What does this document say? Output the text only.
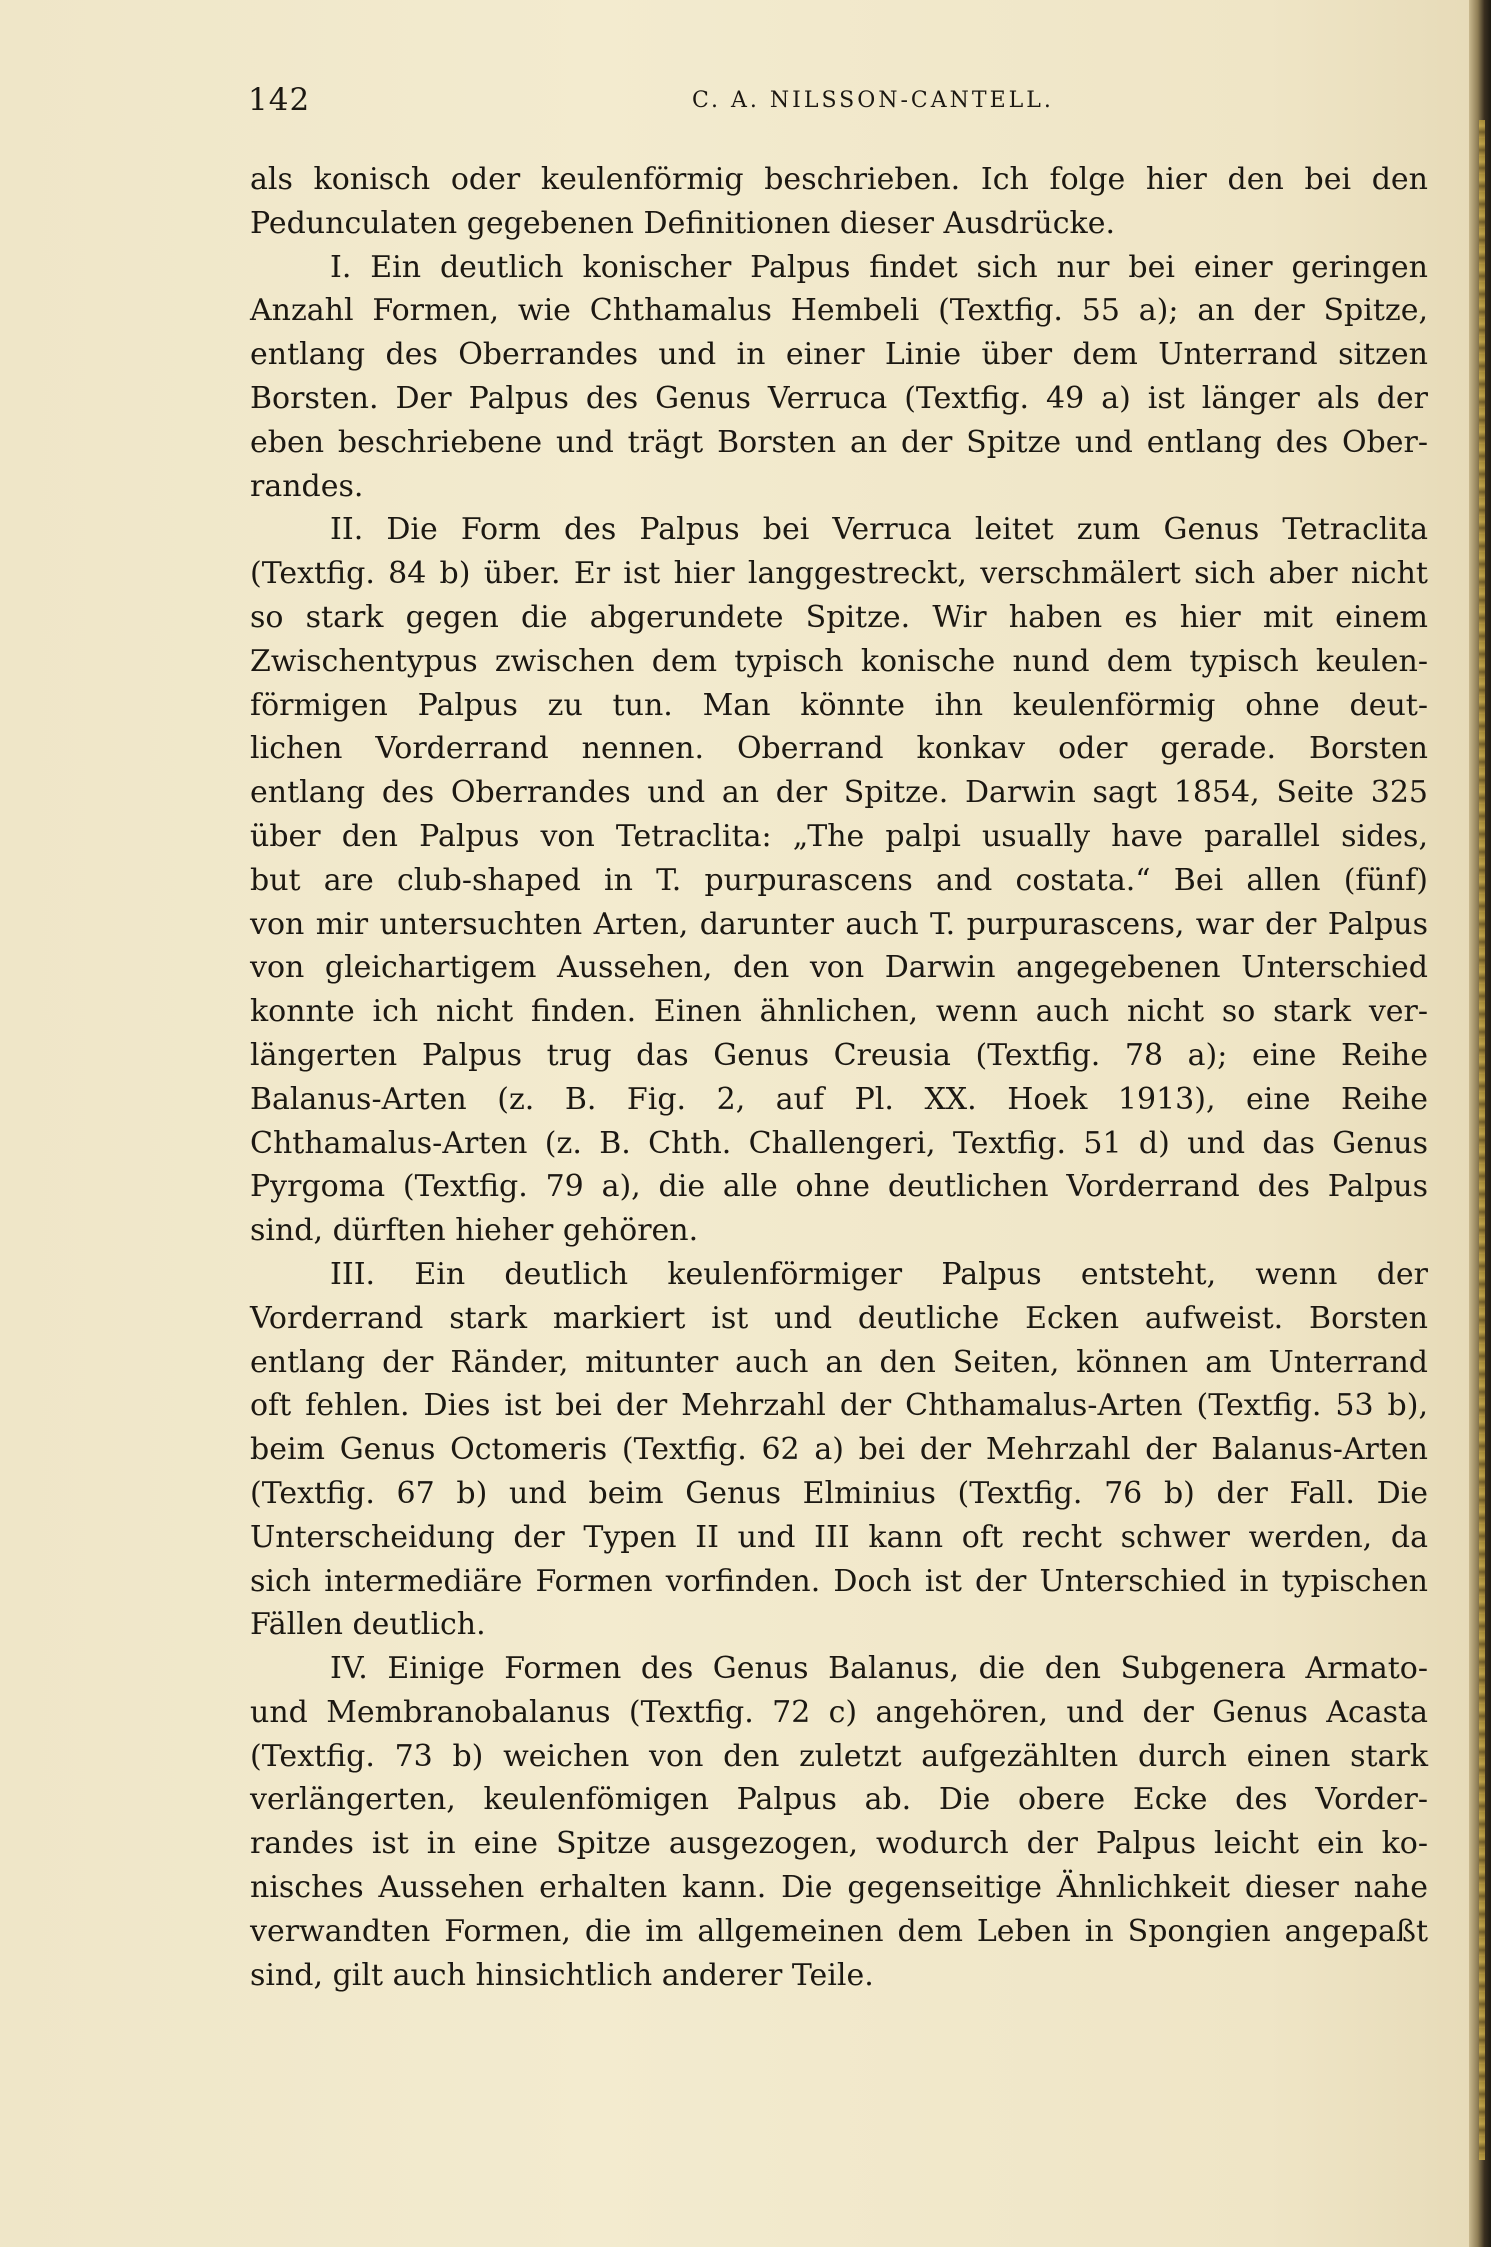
142	C. A. NILSSON-CANTELL.
als konisch oder keulenförmig beschrieben. Ich folge hier den bei den
Pedunculaten gegebenen Definitionen dieser Ausdrücke.
I. Ein deutlich konischer Palpus findet sich nur bei einer geringen
Anzahl Formen, wie Chthamalus Hembeli (Textfig. 55 a); an der Spitze,
entlang des Oberrandes und in einer Linie über dem Unterrand sitzen
Borsten. Der Palpus des Genus Verruca (Textfig. 49 a) ist länger als der
eben beschriebene und trägt Borsten an der Spitze und entlang des Ober-
randes.
II. Die Form des Palpus bei Verruca leitet zum Genus Tetraclita
(Textfig. 84 b) über. Er ist hier langgestreckt, verschmälert sich aber nicht
so stark gegen die abgerundete Spitze. Wir haben es hier mit einem
Zwischentypus zwischen dem typisch konische nund dem typisch keulen-
förmigen Palpus zu tun. Man könnte ihn keulenförmig ohne deut-
lichen Vorderrand nennen. Oberrand konkav oder gerade. Borsten
entlang des Oberrandes und an der Spitze. Darwin sagt 1854, Seite 325
über den Palpus von Tetraclita: „The palpi usually have parallel sides,
but are club-shaped in T. purpurascens and costata.“ Bei allen (fünf)
von mir untersuchten Arten, darunter auch T. purpurascens, war der Palpus
von gleichartigem Aussehen, den von Darwin angegebenen Unterschied
konnte ich nicht finden. Einen ähnlichen, wenn auch nicht so stark ver-
längerten Palpus trug das Genus Creusia (Textfig. 78 a); eine Reihe
Balanus-Arten (z. B. Fig. 2, auf Pl. XX. Hoek 1913), eine Reihe
Chthamalus-Arten (z. B. Chth. Challengeri, Textfig. 51 d) und das Genus
Pyrgoma (Textfig. 79 a), die alle ohne deutlichen Vorderrand des Palpus
sind, dürften hieher gehören.
III. Ein deutlich keulenförmiger Palpus entsteht, wenn der
Vorderrand stark markiert ist und deutliche Ecken aufweist. Borsten
entlang der Ränder, mitunter auch an den Seiten, können am Unterrand
oft fehlen. Dies ist bei der Mehrzahl der Chthamalus-Arten (Textfig. 53 b),
beim Genus Octomeris (Textfig. 62 a) bei der Mehrzahl der Balanus-Arten
(Textfig. 67 b) und beim Genus Elminius (Textfig. 76 b) der Fall. Die
Unterscheidung der Typen II und III kann oft recht schwer werden, da
sich intermediäre Formen vorfinden. Doch ist der Unterschied in typischen
Fällen deutlich.
IV. Einige Formen des Genus Balanus, die den Subgenera Armato-
und Membranobalanus (Textfig. 72 c) angehören, und der Genus Acasta
(Textfig. 73 b) weichen von den zuletzt aufgezählten durch einen stark
verlängerten, keulenfömigen Palpus ab. Die obere Ecke des Vorder-
randes ist in eine Spitze ausgezogen, wodurch der Palpus leicht ein ko-
nisches Aussehen erhalten kann. Die gegenseitige Ähnlichkeit dieser nahe
verwandten Formen, die im allgemeinen dem Leben in Spongien angepaßt
sind, gilt auch hinsichtlich anderer Teile.
